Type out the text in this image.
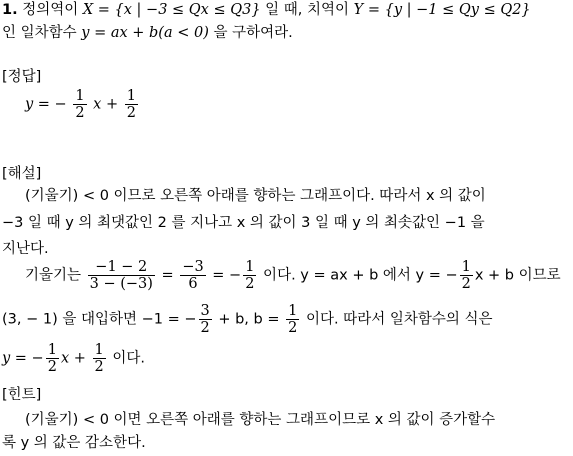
1. 정의역이 X = {x | −3 ≤ Qx ≤ Q3} 일 때, 치역이 Y = {y | −1 ≤ Qy ≤ Q2}
인 일차함수 y = ax + b(a < 0) 을 구하여라.
[정답]
y = − $\frac{1}{2}$ $x + \frac{1}{2}$
[해설]
(기울기) < 0 이므로 오른쪽 아래를 향하는 그래프이다. 따라서 x 의 값이
−3 일 때 y 의 최댓값인 2 를 지나고 x 의 값이 3 일 때 y 의 최솟값인 −1 을
지난다.
기울기는 $\frac{-1 - 2}{3 - (-3)} = \frac{-3}{6}$ = − $\frac{1}{2}$ 이다. y = ax + b 에서 y = − $\frac{1}{2}$ x + b 이므로
(3, − 1) 을 대입하면 −1 = − $\frac{3}{2} + b$, $b = \frac{1}{2}$ 이다. 따라서 일차함수의 식은
y = − $\frac{1}{2}$ $x + \frac{1}{2}$ 이다.
[힌트]
(기울기) < 0 이면 오른쪽 아래를 향하는 그래프이므로 x 의 값이 증가할수
록 y 의 값은 감소한다.
